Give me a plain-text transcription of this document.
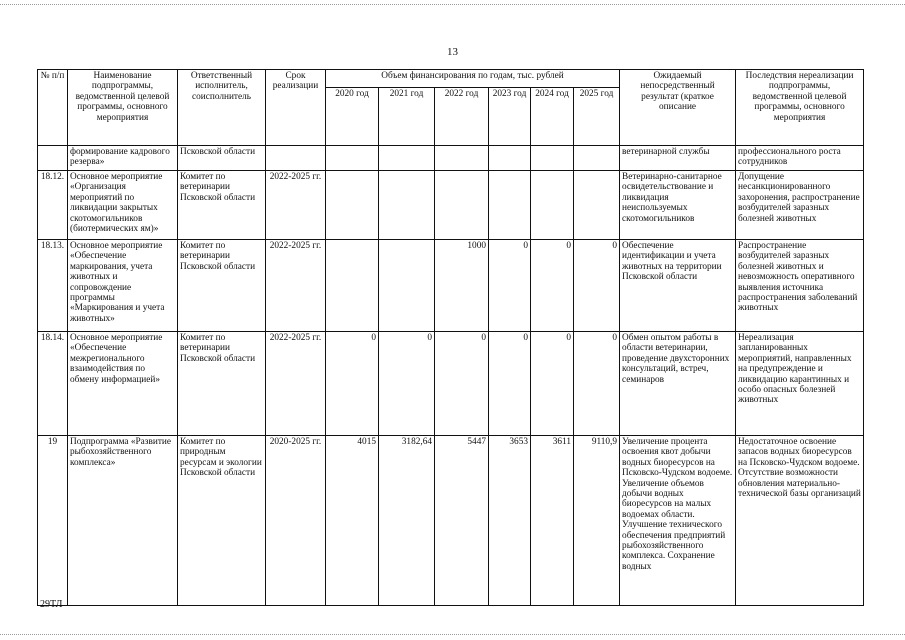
13
№ п/п	Наименование подпрограммы, ведомственной целевой программы, основного мероприятия	Ответственный исполнитель, соисполнитель	Срок реализации	Объем финансирования по годам, тыс. рублей						Ожидаемый непосредственный результат (краткое описание	Последствия нереализации подпрограммы, ведомственной целевой программы, основного мероприятия
				2020 год	2021 год	2022 год	2023 год	2024 год	2025 год		
	формирование кадрового резерва»	Псковской области								ветеринарной службы	профессионального роста сотрудников
18.12.	Основное мероприятие «Организация мероприятий по ликвидации закрытых скотомогильников (биотермических ям)»	Комитет по ветеринарии Псковской области	2022-2025 гг.							Ветеринарно-санитарное освидетельствование и ликвидация неиспользуемых скотомогильников	Допущение несанкционированного захоронения, распространение возбудителей заразных болезней животных
18.13.	Основное мероприятие «Обеспечение маркирования, учета животных и сопровождение программы «Маркирования и учета животных»	Комитет по ветеринарии Псковской области	2022-2025 гг.			1000	0	0	0	Обеспечение идентификации и учета животных на территории Псковской области	Распространение возбудителей заразных болезней животных и невозможность оперативного выявления источника распространения заболеваний животных
18.14.	Основное мероприятие «Обеспечение межрегионального взаимодействия по обмену информацией»	Комитет по ветеринарии Псковской области	2022-2025 гг.	0	0	0	0	0	0	Обмен опытом работы в области ветеринарии, проведение двухсторонних консультаций, встреч, семинаров	Нереализация запланированных мероприятий, направленных на предупреждение и ликвидацию карантинных и особо опасных болезней животных
19	Подпрограмма «Развитие рыбохозяйственного комплекса»	Комитет по природным ресурсам и экологии Псковской области	2020-2025 гг.	4015	3182,64	5447	3653	3611	9110,9	Увеличение процента освоения квот добычи водных биоресурсов на Псковско-Чудском водоеме. Увеличение объемов добычи водных биоресурсов на малых водоемах области. Улучшение технического обеспечения предприятий рыбохозяйственного комплекса. Сохранение водных	Недостаточное освоение запасов водных биоресурсов на Псковско-Чудском водоеме. Отсутствие возможности обновления материально-технической базы организаций
29ТЛ
